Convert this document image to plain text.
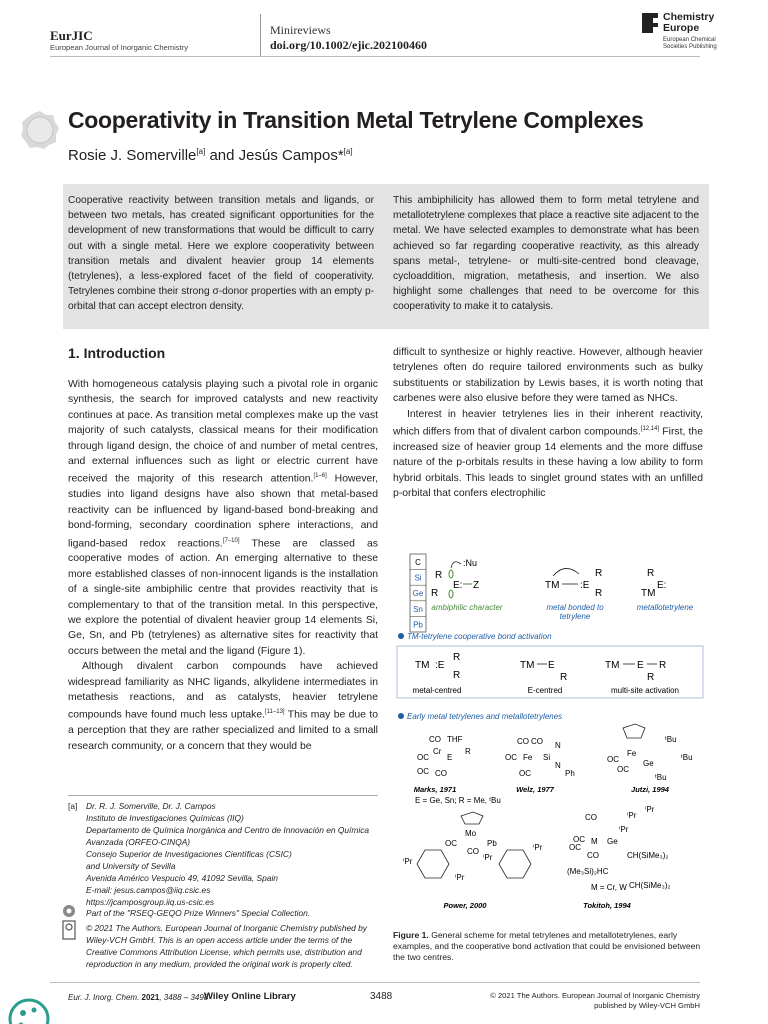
EurJIC
European Journal of Inorganic Chemistry
Minireviews
doi.org/10.1002/ejic.202100460
Chemistry
Europe
European Chemical
Societies Publishing
Cooperativity in Transition Metal Tetrylene Complexes
Rosie J. Somerville[a] and Jesús Campos*[a]
Cooperative reactivity between transition metals and ligands, or between two metals, has created significant opportunities for the development of new transformations that would be difficult to carry out with a single metal. Here we explore cooperativity between transition metals and divalent heavier group 14 elements (tetrylenes), a less-explored facet of the field of cooperativity. Tetrylenes combine their strong σ-donor properties with an empty p-orbital that can accept electron density.
This ambiphilicity has allowed them to form metal tetrylene and metallotetrylene complexes that place a reactive site adjacent to the metal. We have selected examples to demonstrate what has been achieved so far regarding cooperative reactivity, as this already spans metal-, tetrylene- or multi-site-centred bond cleavage, cycloaddition, migration, metathesis, and insertion. We also highlight some challenges that need to be overcome for this cooperativity to make it to catalysis.
1. Introduction

With homogeneous catalysis playing such a pivotal role in organic synthesis, the search for improved catalysts and new reactivity continues at pace. As transition metal complexes make up the vast majority of such catalysts, classical means for their modification through ligand design, the choice of and number of metal centres, and external influences such as light or electric current have received the majority of this research attention.[1–6] However, studies into ligand designs have also shown that metal-based reactivity can be influenced by ligand-based bond-breaking and bond-forming, secondary coordination sphere interactions, and ligand-based redox reactions.[7–10] These are classed as cooperative modes of action. An emerging alternative to these more established classes of non-innocent ligands is the installation of a single-site ambiphilic centre that provides reactivity that is complementary to that of the transition metal. In this perspective, we explore the potential of divalent heavier group 14 elements Si, Ge, Sn, and Pb (tetrylenes) as alternative sites for reactivity that occurs between the metal and the ligand (Figure 1).

Although divalent carbon compounds have achieved widespread familiarity as NHC ligands, alkylidene intermediates in metathesis reactions, and as catalysts, heavier tetrylene compounds have found much less uptake.[11–13] This may be due to a perception that they are rather specialized and limited to a small research community, or a concern that they would be

difficult to synthesize or highly reactive. However, although heavier tetrylenes often do require tailored environments such as bulky substituents or stabilization by Lewis bases, it is worth noting that carbenes were also elusive before they were tamed as NHCs.

Interest in heavier tetrylenes lies in their inherent reactivity, which differs from that of divalent carbon compounds.[12,14] First, the increased size of heavier group 14 elements and the more diffuse nature of the p-orbitals results in these having a low ability to form hybrid orbitals. This leads to singlet ground states with an unfilled p-orbital that confers electrophilic

[a]	Dr. R. J. Somerville, Dr. J. Campos
Instituto de Investigaciones Químicas (IIQ)
Departamento de Química Inorgánica and Centro de Innovación en Química Avanzada (ORFEO-CINQA)
Consejo Superior de Investigaciones Científicas (CSIC)
and University of Sevilla
Avenida Américo Vespucio 49, 41092 Sevilla, Spain
E-mail: jesus.campos@iiq.csic.es
https://jcamposgroup.iiq.us-csic.es
Part of the "RSEQ-GEQO Prize Winners" Special Collection.
© 2021 The Authors. European Journal of Inorganic Chemistry published by Wiley-VCH GmbH. This is an open access article under the terms of the Creative Commons Attribution License, which permits use, distribution and reproduction in any medium, provided the original work is properly cited.
C
Si
Ge
Sn
Pb
:Nu
R
E: Z
R
ambiphilic character
TM :E
R
R
metal bonded to
tetrylene
R
E:
TM
metallotetrylene
TM-tetrylene cooperative bond activation
TM :E
R
R
TM E
R
TM E R
R
metal-centred	E-centred	multi-site activation
Early metal tetrylenes and metallotetrylenes
OC
Cr
E
R
CO THF
OC CO
OC Fe Si
N
N
CO CO
OC	Ph
Fe
Ge
OC
OC
ᵗBu
ᵗBu
ᵗBu
Marks, 1971
E = Ge, Sn; R = Me, ᵗBu
Welz, 1977	Jutzi, 1994
Mo
Pb
OC
CO
ⁱPr
ⁱPr
ⁱPr
ⁱPr
OC M Ge
CO
OC
CO	CH(SiMe₃)₂
(Me₃Si)₂HC
CH(SiMe₃)₂
ⁱPr
ⁱPr
ⁱPr
M = Cr, W
Power, 2000	Tokitoh, 1994
Figure 1. General scheme for metal tetrylenes and metallotetrylenes, early examples, and the cooperative bond activation that could be envisioned between the two centres.
Eur. J. Inorg. Chem. 2021, 3488 – 3498
Wiley Online Library	3488	© 2021 The Authors. European Journal of Inorganic Chemistry
published by Wiley-VCH GmbH
